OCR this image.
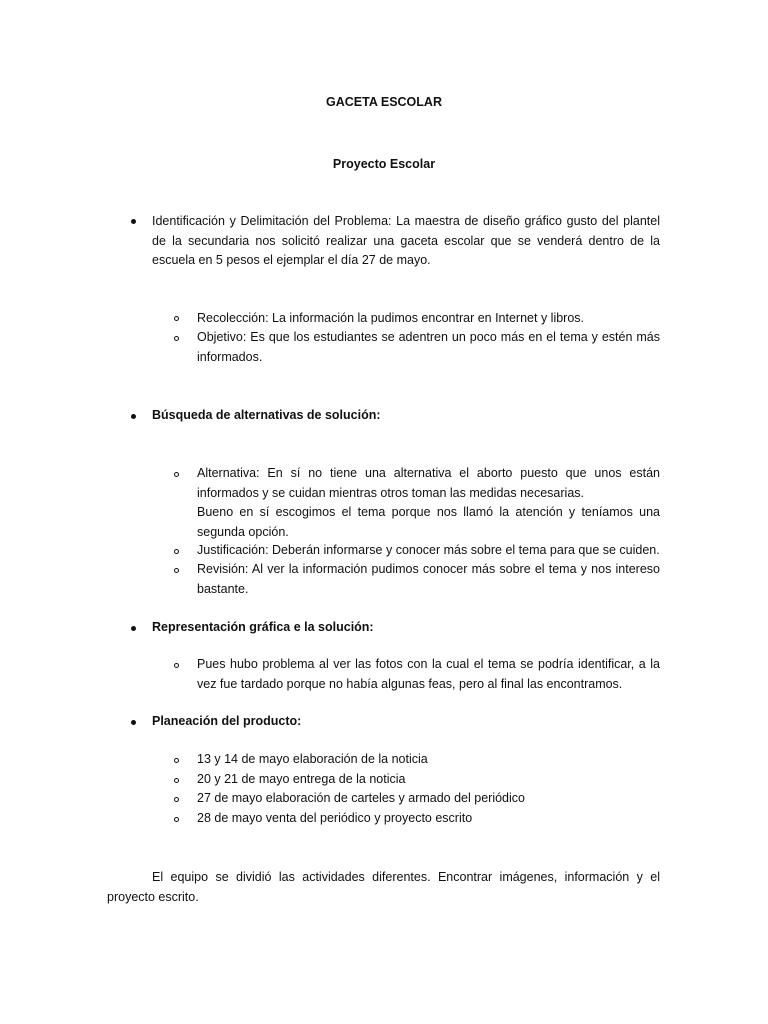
GACETA ESCOLAR
Proyecto Escolar

Identificación y Delimitación del Problema: La maestra de diseño gráfico gusto del plantel de la secundaria nos solicitó realizar una gaceta escolar que se venderá dentro de la escuela en 5 pesos el ejemplar el día 27 de mayo.

Recolección: La información la pudimos encontrar en Internet y libros.

Objetivo: Es que los estudiantes se adentren un poco más en el tema y estén más informados.

Búsqueda de alternativas de solución:

Alternativa: En sí no tiene una alternativa el aborto puesto que unos están informados y se cuidan mientras otros toman las medidas necesarias.

Bueno en sí escogimos el tema porque nos llamó la atención y teníamos una segunda opción.

Justificación: Deberán informarse y conocer más sobre el tema para que se cuiden.

Revisión: Al ver la información pudimos conocer más sobre el tema y nos intereso bastante.

Representación gráfica e la solución:

Pues hubo problema al ver las fotos con la cual el tema se podría identificar, a la vez fue tardado porque no había algunas feas, pero al final las encontramos.

Planeación del producto:

13 y 14 de mayo elaboración de la noticia

20 y 21 de mayo entrega de la noticia

27 de mayo elaboración de carteles y armado del periódico

28 de mayo venta del periódico y proyecto escrito

El equipo se dividió las actividades diferentes. Encontrar imágenes, información y el proyecto escrito.
